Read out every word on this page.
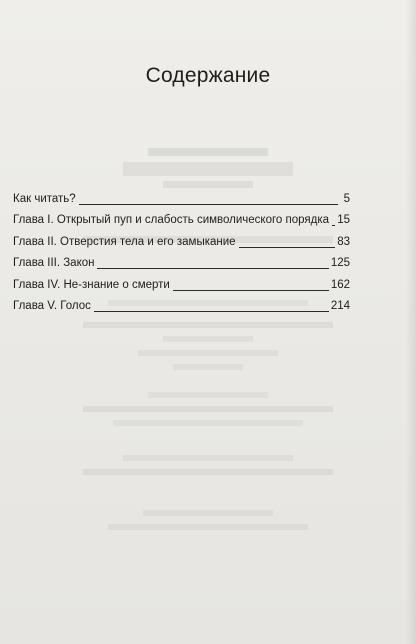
Содержание
Как читать?	5
Глава I. Открытый пуп и слабость символического порядка 15
Глава II. Отверстия тела и его замыкание	83
Глава III. Закон	125
Глава IV. Не-знание о смерти	162
Глава V. Голос	214
